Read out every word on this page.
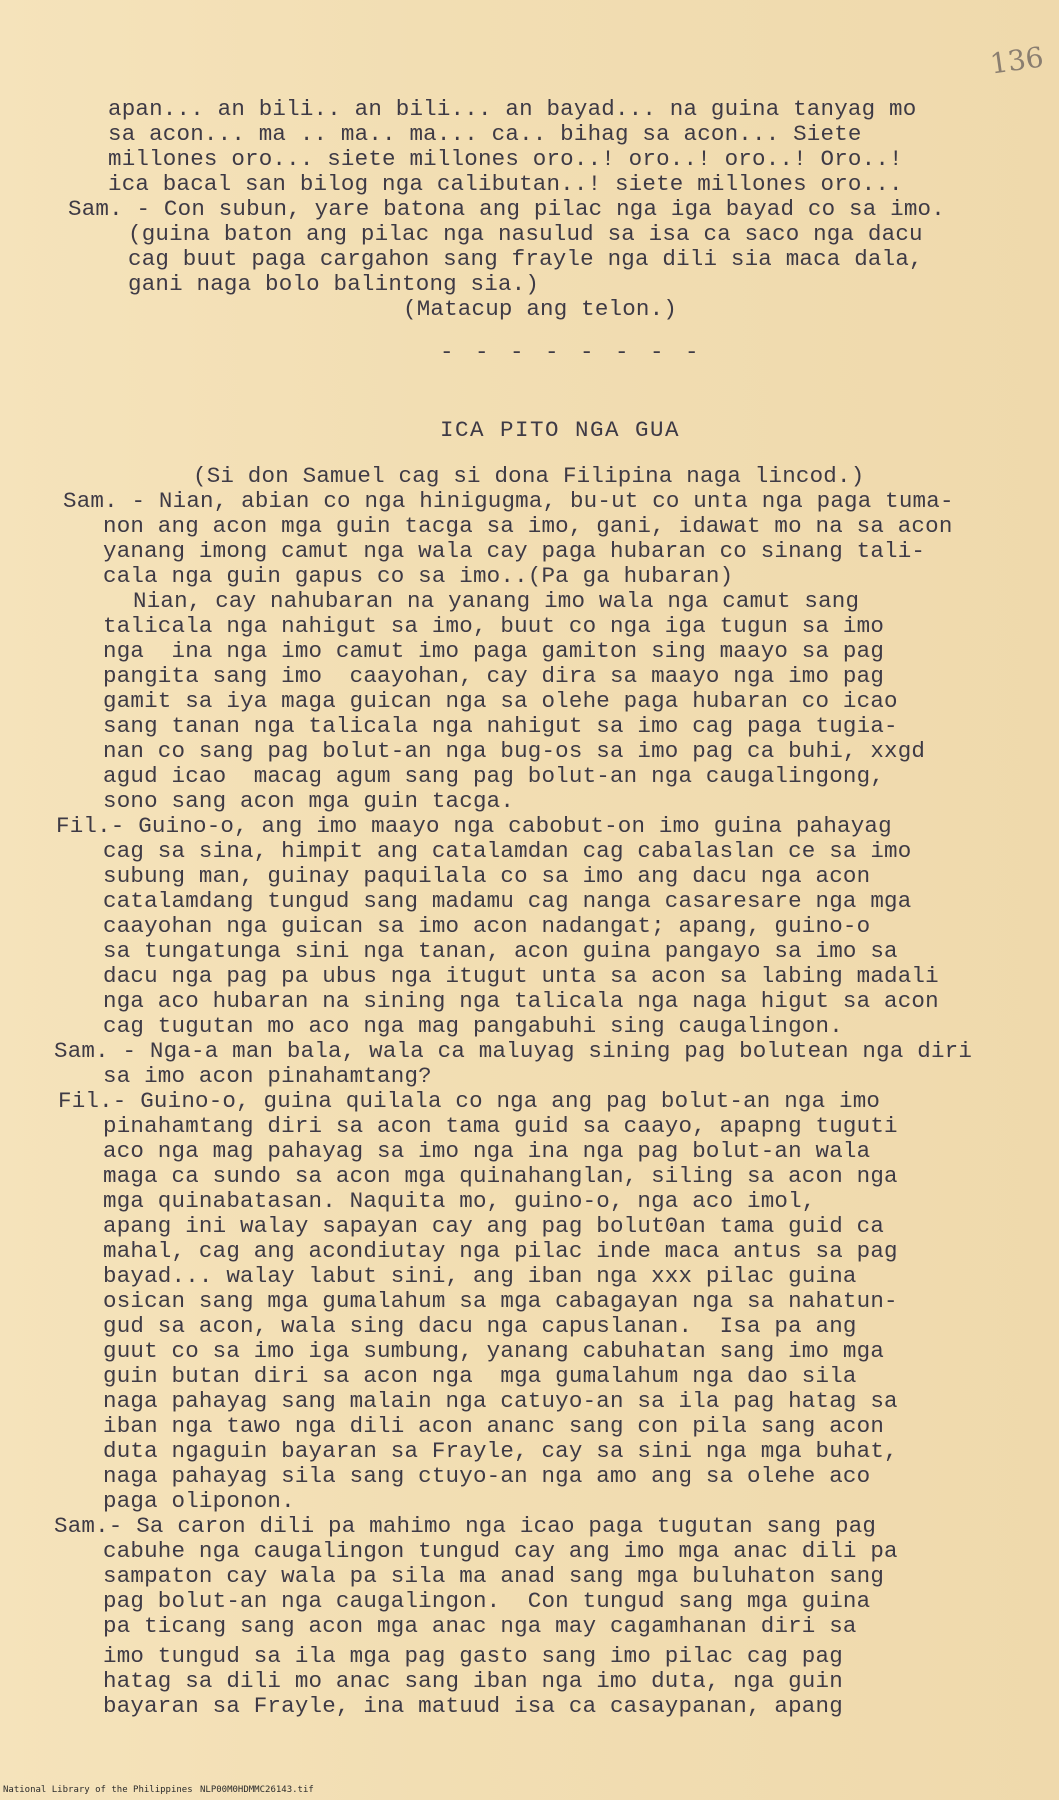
136
apan... an bili.. an bili... an bayad... na guina tanyag mo
sa acon... ma .. ma.. ma... ca.. bihag sa acon... Siete
millones oro... siete millones oro..! oro..! oro..! Oro..!
ica bacal san bilog nga calibutan..! siete millones oro...
Sam. - Con subun, yare batona ang pilac nga iga bayad co sa imo.
(guina baton ang pilac nga nasulud sa isa ca saco nga dacu
cag buut paga cargahon sang frayle nga dili sia maca dala,
gani naga bolo balintong sia.)
(Matacup ang telon.)
- - - - - - - -
ICA PITO NGA GUA
(Si don Samuel cag si dona Filipina naga lincod.)
Sam. - Nian, abian co nga hinigugma, bu-ut co unta nga paga tuma-
non ang acon mga guin tacga sa imo, gani, idawat mo na sa acon
yanang imong camut nga wala cay paga hubaran co sinang tali-
cala nga guin gapus co sa imo..(Pa ga hubaran)
Nian, cay nahubaran na yanang imo wala nga camut sang
talicala nga nahigut sa imo, buut co nga iga tugun sa imo
nga  ina nga imo camut imo paga gamiton sing maayo sa pag
pangita sang imo  caayohan, cay dira sa maayo nga imo pag
gamit sa iya maga guican nga sa olehe paga hubaran co icao
sang tanan nga talicala nga nahigut sa imo cag paga tugia-
nan co sang pag bolut-an nga bug-os sa imo pag ca buhi, xxgd
agud icao  macag agum sang pag bolut-an nga caugalingong,
sono sang acon mga guin tacga.
Fil.- Guino-o, ang imo maayo nga cabobut-on imo guina pahayag
cag sa sina, himpit ang catalamdan cag cabalaslan ce sa imo
subung man, guinay paquilala co sa imo ang dacu nga acon
catalamdang tungud sang madamu cag nanga casaresare nga mga
caayohan nga guican sa imo acon nadangat; apang, guino-o
sa tungatunga sini nga tanan, acon guina pangayo sa imo sa
dacu nga pag pa ubus nga itugut unta sa acon sa labing madali
nga aco hubaran na sining nga talicala nga naga higut sa acon
cag tugutan mo aco nga mag pangabuhi sing caugalingon.
Sam. - Nga-a man bala, wala ca maluyag sining pag bolutean nga diri
sa imo acon pinahamtang?
Fil.- Guino-o, guina quilala co nga ang pag bolut-an nga imo
pinahamtang diri sa acon tama guid sa caayo, apapng tuguti
aco nga mag pahayag sa imo nga ina nga pag bolut-an wala
maga ca sundo sa acon mga quinahanglan, siling sa acon nga
mga quinabatasan. Naquita mo, guino-o, nga aco imol,
apang ini walay sapayan cay ang pag bolut0an tama guid ca
mahal, cag ang acondiutay nga pilac inde maca antus sa pag
bayad... walay labut sini, ang iban nga xxx pilac guina
osican sang mga gumalahum sa mga cabagayan nga sa nahatun-
gud sa acon, wala sing dacu nga capuslanan.  Isa pa ang
guut co sa imo iga sumbung, yanang cabuhatan sang imo mga
guin butan diri sa acon nga  mga gumalahum nga dao sila
naga pahayag sang malain nga catuyo-an sa ila pag hatag sa
iban nga tawo nga dili acon ananc sang con pila sang acon
duta ngaguin bayaran sa Frayle, cay sa sini nga mga buhat,
naga pahayag sila sang ctuyo-an nga amo ang sa olehe aco
paga oliponon.
Sam.- Sa caron dili pa mahimo nga icao paga tugutan sang pag
cabuhe nga caugalingon tungud cay ang imo mga anac dili pa
sampaton cay wala pa sila ma anad sang mga buluhaton sang
pag bolut-an nga caugalingon.  Con tungud sang mga guina
pa ticang sang acon mga anac nga may cagamhanan diri sa
imo tungud sa ila mga pag gasto sang imo pilac cag pag
hatag sa dili mo anac sang iban nga imo duta, nga guin
bayaran sa Frayle, ina matuud isa ca casaypanan, apang
National Library of the Philippines NLP00M0HDMMC26143.tif
